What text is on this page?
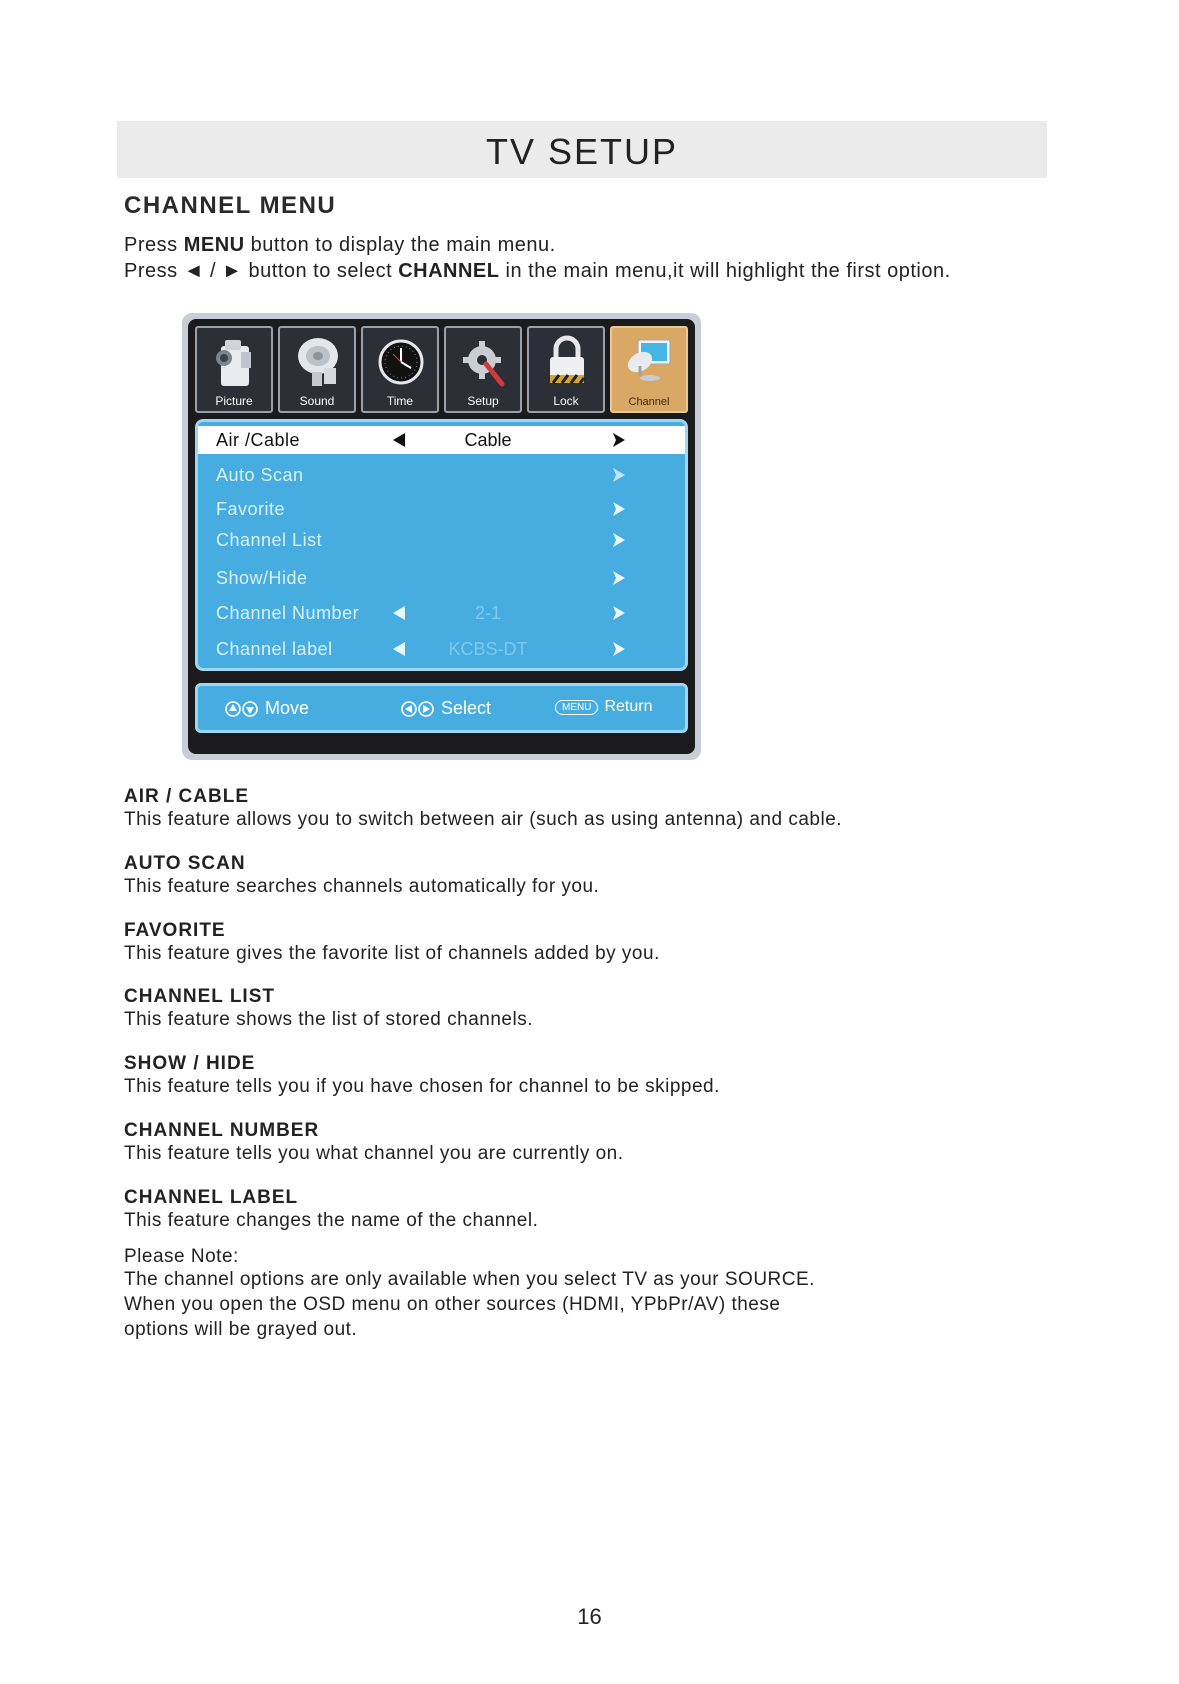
TV SETUP
CHANNEL MENU
Press MENU button to display the main menu.
Press ◄ / ► button to select CHANNEL in the main menu,it will highlight the first option.
Picture	Sound	Time	Setup	Lock	Channel
Air /Cable	Cable
Auto Scan
Favorite
Channel List
Show/Hide
Channel Number	2-1
Channel label	KCBS-DT
Move	Select	MENU Return
AIR / CABLE
This feature allows you to switch between air (such as using antenna) and cable.
AUTO SCAN
This feature searches channels automatically for you.
FAVORITE
This feature gives the favorite list of channels added by you.
CHANNEL LIST
This feature shows the list of stored channels.
SHOW / HIDE
This feature tells you if you have chosen for channel to be skipped.
CHANNEL NUMBER
This feature tells you what channel you are currently on.
CHANNEL LABEL
This feature changes the name of the channel.
Please Note:
The channel options are only available when you select TV as your SOURCE.
When you open the OSD menu on other sources (HDMI, YPbPr/AV) these
options will be grayed out.
16
